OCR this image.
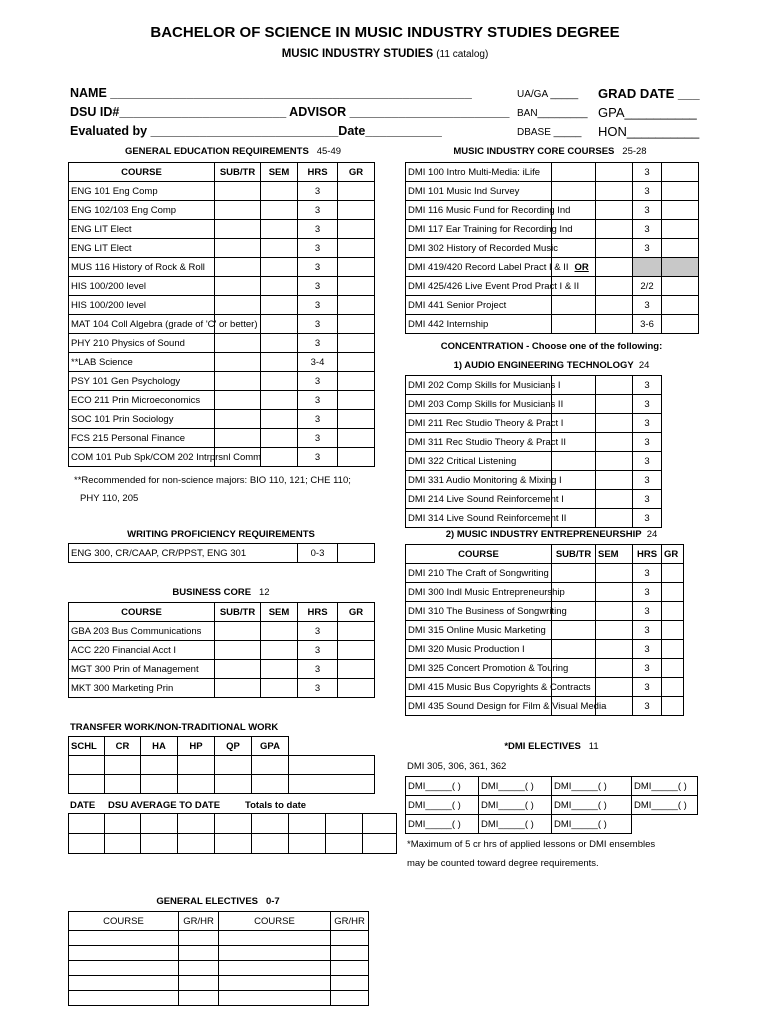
BACHELOR OF SCIENCE IN MUSIC INDUSTRY STUDIES DEGREE
MUSIC INDUSTRY STUDIES (11 catalog)
NAME ____________________________________________________
DSU ID#________________________ ADVISOR _______________________
Evaluated by ___________________________Date___________
UA/GA _____
BAN_________
DBASE _____
GRAD DATE ___
GPA__________
HON__________
GENERAL EDUCATION REQUIREMENTS 45-49
COURSE	SUB/TR	SEM	HRS	GR
ENG 101 Eng Comp			3	
ENG 102/103 Eng Comp			3	
ENG LIT Elect			3	
ENG LIT Elect			3	
MUS 116 History of Rock & Roll			3	
HIS 100/200 level			3	
HIS 100/200 level			3	
MAT 104 Coll Algebra (grade of 'C' or better)			3	
PHY 210 Physics of Sound			3	
**LAB Science			3-4	
PSY 101 Gen Psychology			3	
ECO 211 Prin Microeconomics			3	
SOC 101 Prin Sociology			3	
FCS 215 Personal Finance			3	
COM 101 Pub Spk/COM 202 Intrprsnl Comm			3	
**Recommended for non-science majors: BIO 110, 121; CHE 110;
PHY 110, 205
WRITING PROFICIENCY REQUIREMENTS
ENG 300, CR/CAAP, CR/PPST, ENG 301	0-3	
BUSINESS CORE 12
COURSE	SUB/TR	SEM	HRS	GR
GBA 203 Bus Communications			3	
ACC 220 Financial Acct I			3	
MGT 300 Prin of Management			3	
MKT 300 Marketing Prin			3	
TRANSFER WORK/NON-TRADITIONAL WORK
SCHL	CR	HA	HP	QP	GPA	

DATE DSU AVERAGE TO DATE	Totals to date

GENERAL ELECTIVES 0-7
COURSE	GR/HR	COURSE	GR/HR

MUSIC INDUSTRY CORE COURSES 25-28
DMI 100 Intro Multi-Media: iLife			3	
DMI 101 Music Ind Survey			3	
DMI 116 Music Fund for Recording Ind			3	
DMI 117 Ear Training for Recording Ind			3	
DMI 302 History of Recorded Music			3	
DMI 419/420 Record Label Pract I & II OR				
DMI 425/426 Live Event Prod Pract I & II			2/2	
DMI 441 Senior Project			3	
DMI 442 Internship			3-6	
CONCENTRATION - Choose one of the following:
1) AUDIO ENGINEERING TECHNOLOGY 24
DMI 202 Comp Skills for Musicians I			3
DMI 203 Comp Skills for Musicians II			3
DMI 211 Rec Studio Theory & Pract I			3
DMI 311 Rec Studio Theory & Pract II			3
DMI 322 Critical Listening			3
DMI 331 Audio Monitoring & Mixing I			3
DMI 214 Live Sound Reinforcement I			3
DMI 314 Live Sound Reinforcement II			3
2) MUSIC INDUSTRY ENTREPRENEURSHIP 24
COURSE	SUB/TR	SEM	HRS	GR
DMI 210 The Craft of Songwriting			3	
DMI 300 Indl Music Entrepreneurship			3	
DMI 310 The Business of Songwriting			3	
DMI 315 Online Music Marketing			3	
DMI 320 Music Production I			3	
DMI 325 Concert Promotion & Touring			3	
DMI 415 Music Bus Copyrights & Contracts			3	
DMI 435 Sound Design for Film & Visual Media			3	
*DMI ELECTIVES 11
DMI 305, 306, 361, 362
DMI_____( )	DMI_____( )	DMI_____( )	DMI_____( )
DMI_____( )	DMI_____( )	DMI_____( )	DMI_____( )
DMI_____( )	DMI_____( )	DMI_____( )	
*Maximum of 5 cr hrs of applied lessons or DMI ensembles
may be counted toward degree requirements.
